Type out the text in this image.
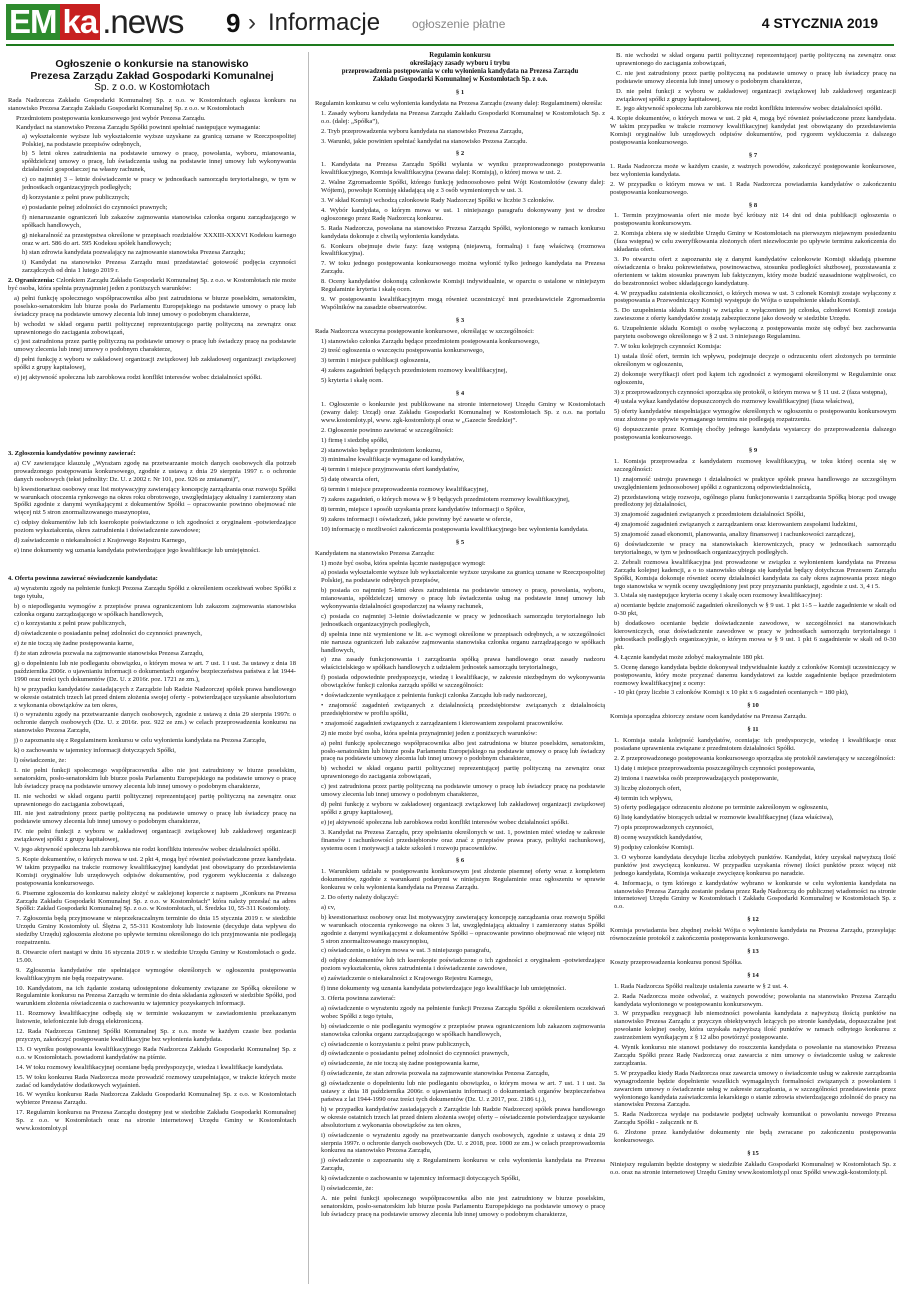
EM ka .news 9 › Informacje	ogłoszenie płatne	4 STYCZNIA 2019
Ogłoszenie o konkursie na stanowisko
Prezesa Zarządu Zakład Gospodarki Komunalnej
Sp. z o.o. w Kostomłotach

Rada Nadzorcza Zakładu Gospodarki Komunalnej Sp. z o.o. w Kostomłotach ogłasza konkurs na stanowisko Prezesa Zarządu Zakładu Gospodarki Komunalnej Sp. z o.o. w Kostomłotach

Przedmiotem postępowania konkursowego jest wybór Prezesa Zarządu.
Kandydaci na stanowisko Prezesa Zarządu Spółki powinni spełniać następujące wymagania:

a) wykształcenie wyższe lub wykształcenie wyższe uzyskane za granicą uznane w Rzeczpospolitej Polskiej, na podstawie przepisów odrębnych,

b) 5 letni okres zatrudnienia na podstawie umowy o pracę, powołania, wyboru, mianowania, spółdzielczej umowy o pracę, lub świadczenia usług na podstawie innej umowy lub wykonywania działalności gospodarczej na własny rachunek,

c) co najmniej 3 – letnie doświadczenie w pracy w jednostkach samorządu terytorialnego, w tym w jednostkach organizacyjnych podległych;

d) korzystanie z pełni praw publicznych;

e) posiadanie pełnej zdolności do czynności prawnych;

f) nienaruszanie ograniczeń lub zakazów zajmowania stanowiska członka organu zarządzającego w spółkach handlowych,

g) niekaralność za przestępstwa określone w przepisach rozdziałów XXXIII-XXXVI Kodeksu karnego oraz w art. 586 do art. 595 Kodeksu spółek handlowych;

h) stan zdrowia kandydata pozwalający na zajmowanie stanowiska Prezesa Zarządu;

i) Kandydat na stanowisko Prezesa Zarządu musi przedstawiać gotowość podjęcia czynności zarządczych od dnia 1 lutego 2019 r.

2. Ograniczenia: Członkiem Zarządu Zakładu Gospodarki Komunalnej Sp. z o.o. w Kostomłotach nie może być osoba, która spełnia przynajmniej jeden z poniższych warunków:

a) pełni funkcję społecznego współpracownika albo jest zatrudniona w biurze poselskim, senatorskim, poselsko-senatorskim lub biurze posła do Parlamentu Europejskiego na podstawie umowy o pracę lub świadczy pracę na podstawie umowy zlecenia lub innej umowy o podobnym charakterze,

b) wchodzi w skład organu partii politycznej reprezentującego partię polityczną na zewnątrz oraz uprawnionego do zaciągania zobowiązań,

c) jest zatrudniona przez partię polityczną na podstawie umowy o pracę lub świadczy pracę na podstawie umowy zlecenia lub innej umowy o podobnym charakterze,

d) pełni funkcję z wyboru w zakładowej organizacji związkowej lub zakładowej organizacji związkowej spółki z grupy kapitałowej,

e) jej aktywność społeczna lub zarobkowa rodzi konflikt interesów wobec działalności spółki.

3. Zgłoszenia kandydatów powinny zawierać:

a) CV zawierające klauzulę „Wyrażam zgodę na przetwarzanie moich danych osobowych dla potrzeb prowadzonego postępowania konkursowego, zgodnie z ustawą z dnia 29 sierpnia 1997 r. o ochronie danych osobowych (tekst jednolity: Dz. U. z 2002 r. Nr 101, poz. 926 ze zmianami)”,

b) kwestionariusz osobowy oraz list motywacyjny zawierający koncepcję zarządzania oraz rozwoju Spółki w warunkach otoczenia rynkowego na okres roku obrotowego, uwzględniający aktualny i zamierzony stan Spółki zgodnie z danymi wynikającymi z dokumentów Spółki – opracowanie powinno obejmować nie więcej niż 5 stron znormalizowanego maszynopisu,

c) odpisy dokumentów lub ich kserokopie poświadczone o ich zgodności z oryginałem -potwierdzające poziom wykształcenia, okres zatrudnienia i doświadczenie zawodowe;

d) zaświadczenie o niekaralności z Krajowego Rejestru Karnego,

e) inne dokumenty wg uznania kandydata potwierdzające jego kwalifikacje lub umiejętności.

4. Oferta powinna zawierać oświadczenie kandydata:

a) wyrażeniu zgody na pełnienie funkcji Prezesa Zarządu Spółki z określeniem oczekiwań wobec Spółki z tego tytułu,

b) o niepodleganiu wymogów z przepisów prawa ograniczeniom lub zakazom zajmowania stanowiska członka organu zarządzającego w spółkach handlowych,

c) o korzystaniu z pełni praw publicznych,

d) oświadczenie o posiadaniu pełnej zdolności do czynności prawnych,

e) że nie toczą się żadne postępowania karne,

f) że stan zdrowia pozwala na zajmowanie stanowiska Prezesa Zarządu,

g) o dopełnieniu lub nie podleganiu obowiązku, o którym mowa w art. 7 ust. 1 i ust. 3a ustawy z dnia 18 października 2006r. o ujawnianiu informacji o dokumentach organów bezpieczeństwa państwa z lat 1944-1990 oraz treści tych dokumentów (Dz. U. z 2016r. poz. 1721 ze zm.),

h) w przypadku kandydatów zasiadających z Zarządzie lub Radzie Nadzorczej spółek prawa handlowego w okresie ostatnich trzech lat przed dniem złożenia swojej oferty - potwierdzające uzyskanie absolutorium z wykonania obowiązków za ten okres,

i) o wyrażeniu zgody na przetwarzanie danych osobowych, zgodnie z ustawą z dnia 29 sierpnia 1997r. o ochronie danych osobowych (Dz. U. z 2016r. poz. 922 ze zm.) w celach przeprowadzenia konkursu na stanowisko Prezesa Zarządu,

j) o zapoznaniu się z Regulaminem konkursu w celu wyłonienia kandydata na Prezesa Zarządu,

k) o zachowaniu w tajemnicy informacji dotyczących Spółki,

l) oświadczenie, że:

I. nie pełni funkcji społecznego współpracownika albo nie jest zatrudniony w biurze poselskim, senatorskim, posło-senatorskim lub biurze posła Parlamentu Europejskiego na podstawie umowy o pracę lub świadczy pracę na podstawie umowy zlecenia lub innej umowy o podobnym charakterze,

II. nie wchodzi w skład organu partii politycznej reprezentującej partię polityczną na zewnątrz oraz uprawnionego do zaciągania zobowiązań,

III. nie jest zatrudniony przez partię polityczną na podstawie umowy o pracę lub świadczy pracę na podstawie umowy zlecenia lub innej umowy o podobnym charakterze,

IV. nie pełni funkcji z wyboru w zakładowej organizacji związkowej lub zakładowej organizacji związkowej spółki z grupy kapitałowej,

V. jego aktywność społeczna lub zarobkowa nie rodzi konfliktu interesów wobec działalności spółki.

5. Kopie dokumentów, o których mowa w ust. 2 pkt 4, mogą być również poświadczone przez kandydata. W takim przypadku na trakcie rozmowy kwalifikacyjnej kandydat jest obowiązany do przedstawienia Komisji oryginałów lub urzędowych odpisów dokumentów, pod rygorem wykluczenia z dalszego postępowania konkursowego.

6. Pisemne zgłoszenia do konkursu należy złożyć w zaklejonej kopercie z napisem „Konkurs na Prezesa Zarządu Zakładu Gospodarki Komunalnej Sp. z o.o. w Kostomłotach” która należy przesłać na adres Spółki: Zakład Gospodarki Komunalnej Sp. z o.o. w Kostomłotach, ul. Średzka 10, 55-311 Kostomłoty.

7. Zgłoszenia będą przyjmowane w nieprzekraczalnym terminie do dnia 15 stycznia 2019 r. w siedzibie Urzędu Gminy Kostomłoty ul. Ślężna 2, 55-311 Kostomłoty lub listownie (decyduje data wpływu do siedziby Urzędu) zgłoszenia złożone po upływie terminu określonego do ich przyjmowania nie podlegają rozpatrzeniu.

8. Otwarcie ofert nastąpi w dniu 16 stycznia 2019 r. w siedzibie Urzędu Gminy w Kostomłotach o godz. 15.00.

9. Zgłoszenia kandydatów nie spełniające wymogów określonych w ogłoszeniu postępowania kwalifikacyjnym nie będą rozpatrywane.

10. Kandydatom, na ich żądanie zostaną udostępnione dokumenty związane ze Spółką określone w Regulaminie konkursu na Prezesa Zarządu w terminie do dnia składania zgłoszeń w siedzibie Spółki, pod warunkiem złożenia oświadczenia o zachowaniu w tajemnicy pozyskanych informacji.

11. Rozmowy kwalifikacyjne odbędą się w terminie wskazanym w zawiadomieniu przekazanym listownie, telefonicznie lub drogą elektroniczną.

12. Rada Nadzorcza Gminnej Spółki Komunalnej Sp. z o.o. może w każdym czasie bez podania przyczyn, zakończyć postępowanie kwalifikacyjne bez wyłonienia kandydata.

13. O wyniku postępowania kwalifikacyjnego Rada Nadzorcza Zakładu Gospodarki Komunalnej Sp. z o.o. w Kostomłotach. powiadomi kandydatów na piśmie.

14. W toku rozmowy kwalifikacyjnej oceniane będą predyspozycje, wiedza i kwalifikacje kandydata.

15. W toku konkursu Rada Nadzorcza może prowadzić rozmowy uzupełniające, w trakcie których może zadać od kandydatów dodatkowych wyjaśnień.

16. W wyniku konkursu Rada Nadzorcza Zakładu Gospodarki Komunalnej Sp. z o.o. w Kostomłotach wybierze Prezesa Zarządu.

17. Regulamin konkursu na Prezesa Zarządu dostępny jest w siedzibie Zakładu Gospodarki Komunalnej Sp. z o.o. w Kostomłotach oraz na stronie internetowej Urzędu Gminy w Kostomłotach www.kostomloty.pl

Regulamin konkursu
określający zasady wyboru i trybu
przeprowadzenia postępowania w celu wyłonienia kandydata na Prezesa Zarządu
Zakładu Gospodarki Komunalnej w Kostomłotach Sp. z o.o.
§ 1

Regulamin konkursu w celu wyłonienia kandydata na Prezesa Zarządu (zwany dalej: Regulaminem) określa:

1. Zasady wyboru kandydata na Prezesa Zarządu Zakładu Gospodarki Komunalnej w Kostomłotach Sp. z o.o. (dalej: „Spółka”),

2. Tryb przeprowadzenia wyboru kandydata na stanowisko Prezesa Zarządu,

3. Warunki, jakie powinien spełniać kandydat na stanowisko Prezesa Zarządu.

§ 2

1. Kandydata na Prezesa Zarządu Spółki wyłania w wyniku przeprowadzonego postępowania kwalifikacyjnego, Komisja kwalifikacyjna (zwana dalej: Komisją), o której mowa w ust. 2.

2. Walne Zgromadzenie Spółki, którego funkcję jednoosobowo pełni Wójt Kostomłotów (zwany dalej: Wójtem), powołuje Komisję składającą się z 3 osób wymienionych w ust. 3.

3. W skład Komisji wchodzą członkowie Rady Nadzorczej Spółki w liczbie 3 członków.

4. Wybór kandydata, o którym mowa w ust. 1 niniejszego paragrafu dokonywany jest w drodze ogłoszonego przez Radę Nadzorczą konkursu.

5. Rada Nadzorcza, powołana na stanowisko Prezesa Zarządu Spółki, wyłonionego w ramach konkursu kandydata dokonuje z chwilą wyłonienia kandydata.

6. Konkurs obejmuje dwie fazy: fazę wstępną (niejawną, formalną) i fazę właściwą (rozmowa kwalifikacyjna).

7. W toku jednego postępowania konkursowego można wyłonić tylko jednego kandydata na Prezesa Zarządu.

8. Oceny kandydatów dokonują członkowie Komisji indywidualnie, w oparciu o ustalone w niniejszym Regulaminie kryteria i skalę ocen.

9. W postępowaniu kwalifikacyjnym mogą również uczestniczyć inni przedstawiciele Zgromadzenia Wspólników na zasadzie obserwatorów.

§ 3

Rada Nadzorcza wszczyna postępowanie konkursowe, określając w szczególności:

1) stanowisko członka Zarządu będące przedmiotem postępowania konkursowego,

2) treść ogłoszenia o wszczęciu postępowania konkursowego,

3) termin i miejsce publikacji ogłoszenia,

4) zakres zagadnień będących przedmiotem rozmowy kwalifikacyjnej,

5) kryteria i skalę ocen.

§ 4

1. Ogłoszenie o konkursie jest publikowane na stronie internetowej Urzędu Gminy w Kostomłotach (zwany dalej: Urząd) oraz Zakładu Gospodarki Komunalnej w Kostomłotach Sp. z o.o. na portalu www.kostomloty.pl, www. zgk-kostomloty.pl oraz w „Gazecie Średzkiej”.

2. Ogłoszenie powinno zawierać w szczególności:

1) firmę i siedzibę spółki,

2) stanowisko będące przedmiotem konkursu,

3) minimalne kwalifikacje wymagane od kandydatów,

4) termin i miejsce przyjmowania ofert kandydatów,

5) datę otwarcia ofert,

6) termin i miejsce przeprowadzenia rozmowy kwalifikacyjnej,

7) zakres zagadnień, o których mowa w § 9 będących przedmiotem rozmowy kwalifikacyjnej,

8) termin, miejsce i sposób uzyskania przez kandydatów informacji o Spółce,

9) zakres informacji i oświadczeń, jakie powinny być zawarte w ofercie,

10) informację o możliwości zakończenia postępowania kwalifikacyjnego bez wyłonienia kandydata.

§ 5

Kandydatem na stanowisko Prezesa Zarządu:

1) może być osoba, która spełnia łącznie następujące wymogi:

a) posiada wykształcenie wyższe lub wykształcenie wyższe uzyskane za granicą uznane w Rzeczpospolitej Polskiej, na podstawie odrębnych przepisów,

b) posiada co najmniej 5-letni okres zatrudnienia na podstawie umowy o pracę, powołania, wyboru, mianowania, spółdzielczej umowy o pracę lub świadczenia usług na podstawie innej umowy lub wykonywania działalności gospodarczej na własny rachunek,

c) posiada co najmniej 3-letnie doświadczenie w pracy w jednostkach samorządu terytorialnego lub jednostkach organizacyjnych podległych,

d) spełnia inne niż wymienione w lit. a-c wymogi określone w przepisach odrębnych, a w szczególności nie narusza ograniczeń lub zakazów zajmowania stanowiska członka organu zarządzającego w spółkach handlowych,

e) zna zasady funkcjonowania i zarządzania spółką prawa handlowego oraz zasady nadzoru właścicielskiego w spółkach handlowych z udziałem jednostek samorządu terytorialnego,

f) posiada odpowiednie predyspozycje, wiedzę i kwalifikacje, w zakresie niezbędnym do wykonywania obowiązków funkcji członka zarządu spółki w szczególności:

• doświadczenie wynikające z pełnienia funkcji członka Zarządu lub rady nadzorczej,

• znajomość zagadnień związanych z działalnością przedsiębiorstw związanych z działalnością przedsiębiorstw w profilu spółki,

• znajomość zagadnień związanych z zarządzaniem i kierowaniem zespołami pracowników.

2) nie może być osoba, która spełnia przynajmniej jeden z poniższych warunków:

a) pełni funkcję społecznego współpracownika albo jest zatrudniona w biurze poselskim, senatorskim, posło-senatorskim lub biurze posła Parlamentu Europejskiego na podstawie umowy o pracę lub świadczy pracę na podstawie umowy zlecenia lub innej umowy o podobnym charakterze,

b) wchodzi w skład organu partii politycznej reprezentującej partię polityczną na zewnątrz oraz uprawnionego do zaciągania zobowiązań,

c) jest zatrudniona przez partię polityczną na podstawie umowy o pracę lub świadczy pracę na podstawie umowy zlecenia lub innej umowy o podobnym charakterze,

d) pełni funkcję z wyboru w zakładowej organizacji związkowej lub zakładowej organizacji związkowej spółki z grupy kapitałowej,

e) jej aktywność społeczna lub zarobkowa rodzi konflikt interesów wobec działalności spółki.

3. Kandydat na Prezesa Zarządu, przy spełnianiu określonych w ust. 1, powinien mieć wiedzę w zakresie finansów i rachunkowości przedsiębiorstw oraz znać z przepisów prawa pracy, polityki rachunkowej, systemu ocen i motywacji a także szkoleń i rozwoju pracowników.

§ 6

1. Warunkiem udziału w postępowaniu konkursowym jest złożenie pisemnej oferty wraz z kompletem dokumentów, zgodnie z warunkami podanymi w niniejszym Regulaminie oraz ogłoszeniu w sprawie konkursu w celu wyłonienia kandydata na Prezesa Zarządu.

2. Do oferty należy dołączyć:

a) cv,

b) kwestionariusz osobowy oraz list motywacyjny zawierający koncepcję zarządzania oraz rozwoju Spółki w warunkach otoczenia rynkowego na okres 3 lat, uwzględniającą aktualny i zamierzony status Spółki zgodnie z danymi wynikającymi z dokumentów Spółki – opracowanie powinno obejmować nie więcej niż 5 stron znormalizowanego maszynopisu,

c) oświadczenie, o którym mowa w ust. 3 niniejszego paragrafu,

d) odpisy dokumentów lub ich kserokopie poświadczone o ich zgodności z oryginałem -potwierdzające poziom wykształcenia, okres zatrudnienia i doświadczenie zawodowe,

e) zaświadczenie o niekaralności z Krajowego Rejestru Karnego,

f) inne dokumenty wg uznania kandydata potwierdzające jego kwalifikacje lub umiejętności.

3. Oferta powinna zawierać:

a) oświadczenie o wyrażeniu zgody na pełnienie funkcji Prezesa Zarządu Spółki z określeniem oczekiwań wobec Spółki z tego tytułu,

b) oświadczenie o nie podleganiu wymogów z przepisów prawa ograniczeniom lub zakazom zajmowania stanowiska członka organu zarządzającego w spółkach handlowych,

c) oświadczenie o korzystaniu z pełni praw publicznych,

d) oświadczenie o posiadaniu pełnej zdolności do czynności prawnych,

e) oświadczenie, że nie toczą się żadne postępowania karne,

f) oświadczenie, że stan zdrowia pozwala na zajmowanie stanowiska Prezesa Zarządu,

g) oświadczenie o dopełnieniu lub nie podleganiu obowiązku, o którym mowa w art. 7 ust. 1 i ust. 3a ustawy z dnia 18 października 2006r. o ujawnianiu informacji o dokumentach organów bezpieczeństwa państwa z lat 1944-1990 oraz treści tych dokumentów (Dz. U. z 2017, poz. 2186 t.j.),

h) w przypadku kandydatów zasiadających z Zarządzie lub Radzie Nadzorczej spółek prawa handlowego w okresie ostatnich trzech lat przed dniem złożenia swojej oferty – oświadczenie potwierdzające uzyskanie absolutorium z wykonania obowiązków za ten okres,

i) oświadczenie o wyrażeniu zgody na przetwarzanie danych osobowych, zgodnie z ustawą z dnia 29 sierpnia 1997r. o ochronie danych osobowych (Dz. U. z 2018, poz. 1000 ze zm.) w celach przeprowadzenia konkursu na stanowisko Prezesa Zarządu,

j) oświadczenie o zapoznaniu się z Regulaminem konkursu w celu wyłonienia kandydata na Prezesa Zarządu,

k) oświadczenie o zachowaniu w tajemnicy informacji dotyczących Spółki,

l) oświadczenie, że:

A. nie pełni funkcji społecznego współpracownika albo nie jest zatrudniony w biurze poselskim, senatorskim, posło-senatorskim lub biurze posła Parlamentu Europejskiego na podstawie umowy o pracę lub świadczy pracę na podstawie umowy zlecenia lub innej umowy o podobnym charakterze,

B. nie wchodzi w skład organu partii politycznej reprezentującej partię polityczną na zewnątrz oraz uprawnionego do zaciągania zobowiązań,

C. nie jest zatrudniony przez partię polityczną na podstawie umowy o pracę lub świadczy pracę na podstawie umowy zlecenia lub innej umowy o podobnym charakterze,

D. nie pełni funkcji z wyboru w zakładowej organizacji związkowej lub zakładowej organizacji związkowej spółki z grupy kapitałowej,

E. jego aktywność społeczna lub zarobkowa nie rodzi konfliktu interesów wobec działalności spółki.

4. Kopie dokumentów, o których mowa w ust. 2 pkt 4, mogą być również poświadczone przez kandydata. W takim przypadku w trakcie rozmowy kwalifikacyjnej kandydat jest obowiązany do przedstawienia Komisji oryginałów lub urzędowych odpisów dokumentów, pod rygorem wykluczenia z dalszego postępowania konkursowego.

§ 7

1. Rada Nadzorcza może w każdym czasie, z ważnych powodów, zakończyć postępowanie konkursowe, bez wyłonienia kandydata.

2. W przypadku o którym mowa w ust. 1 Rada Nadzorcza powiadamia kandydatów o zakończeniu postępowania konkursowego.

§ 8

1. Termin przyjmowania ofert nie może być krótszy niż 14 dni od dnia publikacji ogłoszenia o postępowaniu konkursowym.

2. Komisja zbiera się w siedzibie Urzędu Gminy w Kostomłotach na pierwszym niejawnym posiedzeniu (faza wstępna) w celu zweryfikowania złożonych ofert niezwłocznie po upływie terminu zakończenia do składania ofert.

3. Po otwarciu ofert z zapoznaniu się z danymi kandydatów członkowie Komisji składają pisemne oświadczenia o braku pokrewieństwa, powinowactwa, stosunku podległości służbowej, pozostawania z ofertentem w takim stosunku prawnym lub faktycznym, który może budzić uzasadnione wątpliwości, co do bezstronności wobec składającego kandydaturę.

4. W przypadku zaistnienia okoliczności, o których mowa w ust. 3 członek Komisji zostaje wyłączony z postępowania a Przewodniczący Komisji występuje do Wójta o uzupełnienie składu Komisji.

5. Do uzupełnienia składu Komisji w związku z wyłączeniem jej członka, członkowi Komisji zostaja zawieszone z oferty kandydatów zostają zabezpieczone jako dowody w siedzibie Urzędu.

6. Uzupełnienie składu Komisji o osobę wyłaczoną z postępowania może się odbyć bez zachowania parytetu osobowego określonego w § 2 ust. 3 niniejszego Regulaminu.

7. W toku kolejnych czynności Komisja:

1) ustala ilość ofert, termin ich wpływu, podejmuje decyzje o odrzuceniu ofert złożonych po terminie określonym w ogłoszeniu,

2) dokonuje weryfikacji ofert pod kątem ich zgodności z wymogami określonymi w Regulaminie oraz ogłoszeniu,

3) z przeprowadzonych czynności sporządza się protokół, o którym mowa w § 11 ust. 2 (faza wstępna),

4) ustala wykaz kandydatów dopuszczonych do rozmowy kwalifikacyjnej (faza właściwa),

5) oferty kandydatów niespełniające wymogów określonych w ogłoszeniu o postępowaniu konkursowym oraz złożone po upływie wymaganego terminu nie podlegają rozpatrzeniu.

6) dopuszczenie przez Komisję choćby jednego kandydata wystarczy do przeprowadzenia dalszego postępowania konkursowego.

§ 9

1. Komisja przeprowadza z kandydatem rozmowę kwalifikacyjną, w toku której ocenia się w szczególności:

1) znajomość ustroju prawnego i działalności w praktyce spółek prawa handlowego ze szczególnym uwzględnieniem jednoosobowej spółki z ograniczoną odpowiedzialnością,

2) przedstawioną wizję rozwoju, ogólnego planu funkcjonowania i zarządzania Spółką biorąc pod uwagę predlożony jej działalności,

3) znajomość zagadnień związanych z przedmiotem działalności Spółki,

4) znajomość zagadnień związanych z zarządzaniem oraz kierowaniem zespołami ludzkimi,

5) znajomość zasad ekonomii, planowania, analizy finansowej i rachunkowości zarządczej,

6) doświadczenie w pracy na stanowiskach kierowniczych, pracy w jednostkach samorządu terytorialnego, w tym w jednostkach organizacyjnych podległych.

2. Zebrali rozmowa kwalifikacyjna jest prowadzone w związku z wyłonieniem kandydata na Prezesa Zarządu kolejnej kadencji, a o to stanowisko ubiega się kandydat będący dotychczas Prezesem Zarządu Spółki, Komisja dokonuje również oceny działalności kandydata za cały okres zajmowania przez niego tego stanowiska w wynik oceny uwzględniony jest przy przyznaniu punktacji, zgodnie z ust. 3, 4 i 5.

3. Ustala się następujące kryteria oceny i skalę ocen rozmowy kwalifikacyjnej:

a) ocenianie będzie znajomość zagadnień określonych w § 9 ust. 1 pkt 1÷5 – każde zagadnienie w skali od 0-30 pkt,

b) dodatkowo ocenianie będzie doświadczenie zawodowe, w szczególności na stanowiskach kierowniczych, oraz doświadczenie zawodowe w pracy w jednostkach samorządu terytorialnego i jednostkach podległych organizacyjnie, o którym mowa w § 9 ust. 1 pkt 6 zagadnienie w skali od 0-30 pkt.

4. Łącznie kandydat może zdobyć maksymalnie 180 pkt.

5. Ocenę danego kandydata będzie dokonywał indywidualnie każdy z członków Komisji uczestniczący w postępowaniu, który może przyznać danemu kandydatowi za każde zagadnienie będące przedmiotem rozmowy kwalifikacyjnej z oceny:

- 10 pkt (przy liczbie 3 członków Komisji x 10 pkt x 6 zagadnień ocenianych = 180 pkt),

§ 10

Komisja sporządza zbiorczy zestaw ocen kandydatów na Prezesa Zarządu.

§ 11

1. Komisja ustala kolejność kandydatów, oceniając ich predyspozycje, wiedzę i kwalifikacje oraz posiadane uprawnienia związane z przedmiotem działalności Spółki.

2. Z przeprowadzonego postępowania konkursowego sporządza się protokół zawierający w szczególności:

1) datę i miejsce przeprowadzenia poszczególnych czynności postępowania,

2) imiona i nazwiska osób przeprowadzających postępowanie,

3) liczbę złożonych ofert,

4) termin ich wpływu,

5) oferty podlegające odrzuceniu złożone po terminie zakreślonym w ogłoszeniu,

6) listę kandydatów biorących udział w rozmowie kwalifikacyjnej (faza właściwa),

7) opis przeprowadzonych czynności,

8) ocenę wszystkich kandydatów,

9) podpisy członków Komisji.

3. O wyborze kandydata decyduje liczba zdobytych punktów. Kandydat, który uzyskał najwyższą ilość punktów jest zwycięzcą konkursu. W przypadku uzyskania równej ilości punktów przez więcej niż jednego kandydata, Komisja wskazuje zwycięzcę konkursu po naradzie.

4. Informacja, o tym którego z kandydatów wybrano w konkursie w celu wyłonienia kandydata na stanowisko Prezesa Zarządu zostanie podana przez Radę Nadzorczą do publicznej wiadomości na stronie internetowej Urzędu Gminy w Kostomłotach i Zakładu Gospodarki Komunalnej w Kostomłotach Sp. z o.o.

§ 12

Komisja powiadamia bez zbędnej zwłoki Wójta o wyłonieniu kandydata na Prezesa Zarządu, przesyłając równocześnie protokół z zakończenia postępowania konkursowego.

§ 13

Koszty przeprowadzenia konkursu ponosi Spółka.

§ 14

1. Rada Nadzorcza Spółki realizuje ustalenia zawarte w § 2 ust. 4.

2. Rada Nadzorcza może odwołać, z ważnych powodów; powołania na stanowisko Prezesa Zarządu kandydata wyłonionego w postępowaniu konkursowym.

3. W przypadku rezygnacji lub niemożności powołania kandydata z najwyższą ilością punktów na stanowisko Prezesa Zarządu z przyczyn obiektywnych leżących po stronie kandydata, dopuszczalne jest powołanie kolejnej osoby, która uzyskała najwyższą ilość punktów w ramach odbytego konkursu z zastrzeżeniem wynikającym z § 12 albo powtórzyć postępowanie.

4. Wynik konkursu nie stanowi podstawy do roszczenia kandydata o powołanie na stanowisko Prezesa Zarządu Spółki przez Radę Nadzorczą oraz zawarcia z nim umowy o świadczenie usług w zakresie zarządzania.

5. W przypadku kiedy Rada Nadzorcza oraz zawarcia umowy o świadczenie usług w zakresie zarządzania wynagrodzenie będzie dopełnienie wszelkich wymagalnych formalności związanych z powołaniem i zawarciem umowy o świadczenie usług w zakresie zarządzania, a w szczególności przedstawienie przez wyłonionego kandydata zaświadczenia lekarskiego o stanie zdrowia stwierdzającego zdolność do pracy na stanowisku Prezesa Zarządu.

5. Rada Nadzorcza wydaje na podstawie podjętej uchwały komunikat o powołaniu nowego Prezesa Zarządu Spółki - załącznik nr 8.

6. Złożone przez kandydatów dokumenty nie będą zwracane po zakończeniu postępowania konkursowego.

§ 15

Niniejszy regulamin będzie dostępny w siedzibie Zakładu Gospodarki Komunalnej w Kostomłotach Sp. z o.o. oraz na stronie internetowej Urzędu Gminy www.kostomloty.pl oraz Spółki www.zgk-kostomloty.pl.
